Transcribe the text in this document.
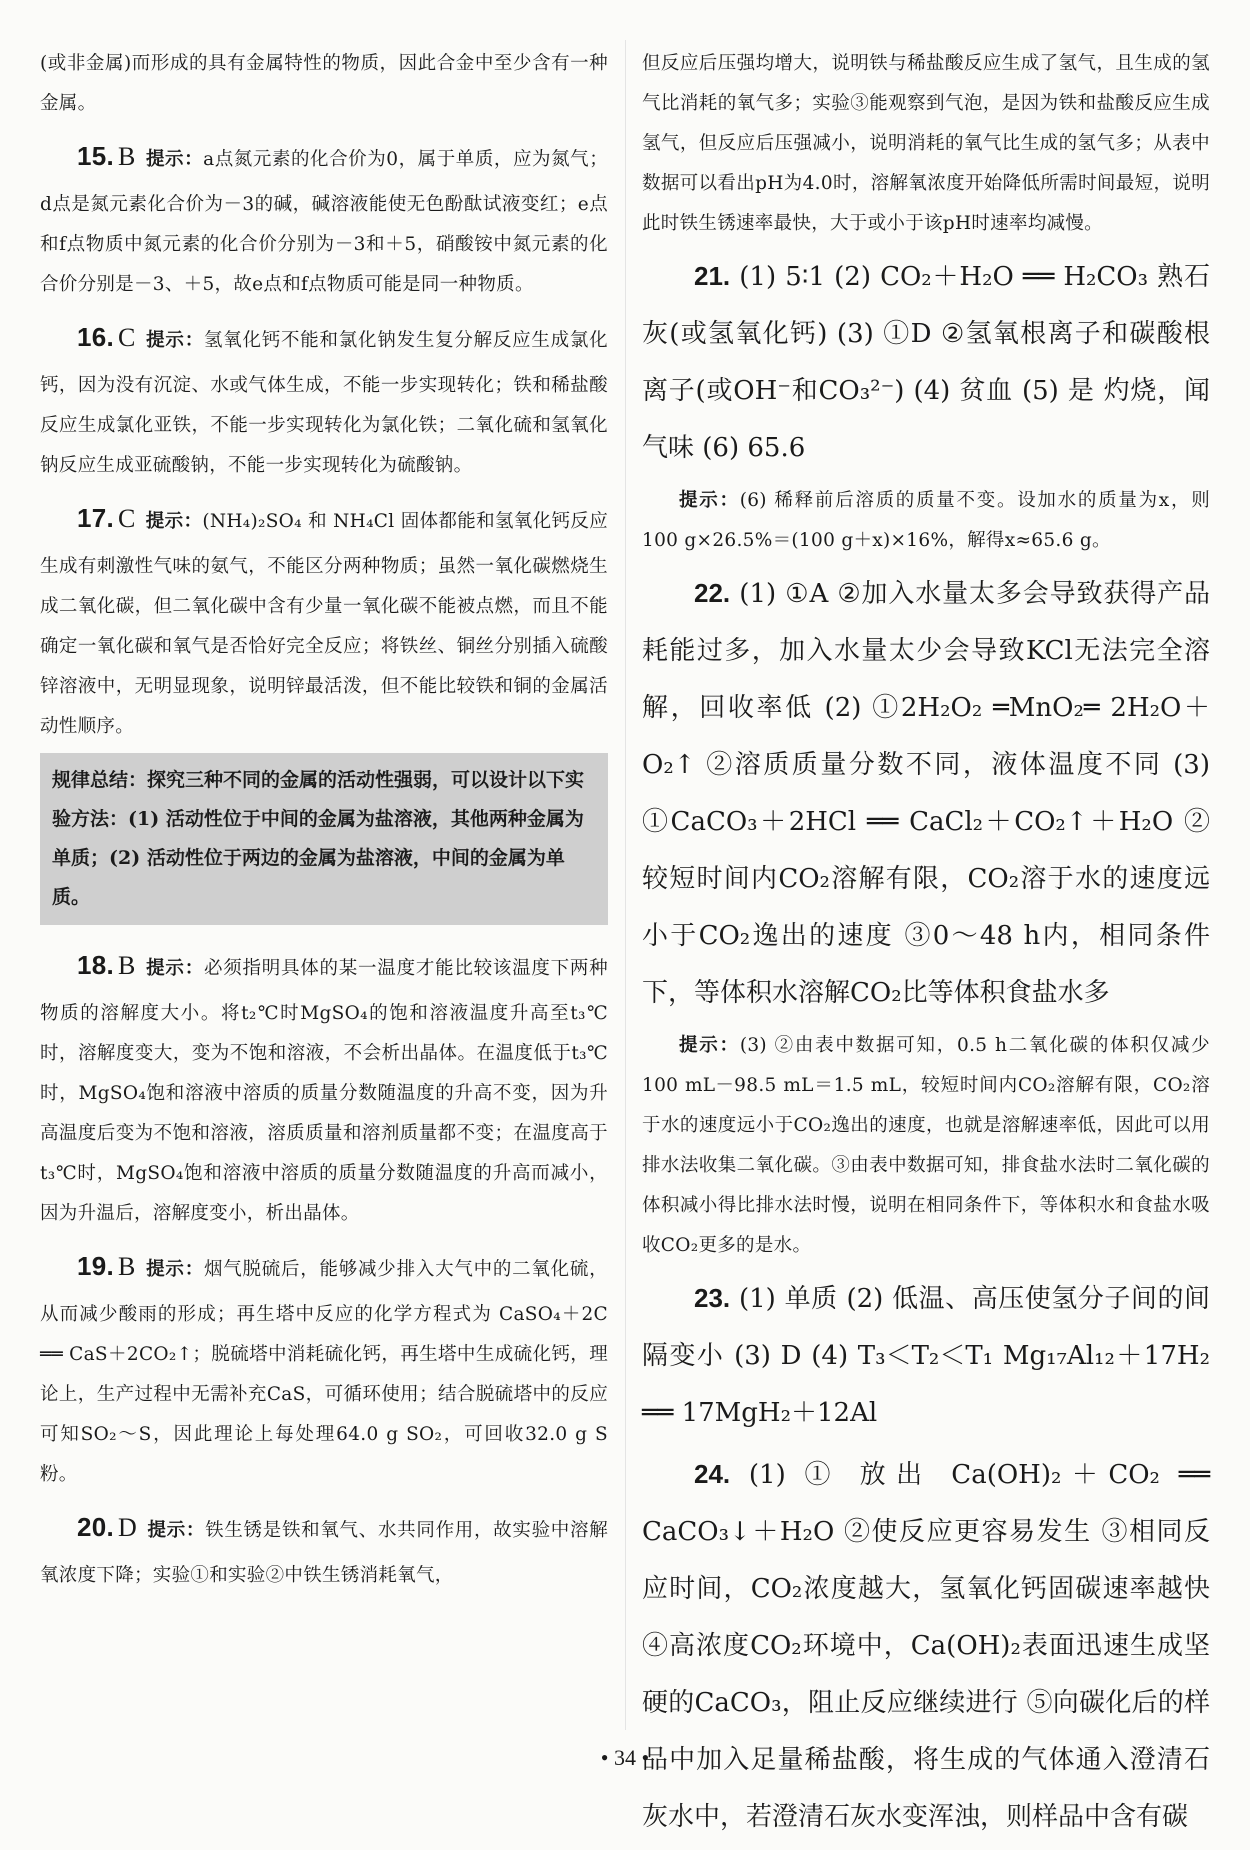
(或非金属)而形成的具有金属特性的物质，因此合金中至少含有一种金属。

15. B 提示：a点氮元素的化合价为0，属于单质，应为氮气；d点是氮元素化合价为－3的碱，碱溶液能使无色酚酞试液变红；e点和f点物质中氮元素的化合价分别为－3和＋5，硝酸铵中氮元素的化合价分别是－3、＋5，故e点和f点物质可能是同一种物质。

16. C 提示：氢氧化钙不能和氯化钠发生复分解反应生成氯化钙，因为没有沉淀、水或气体生成，不能一步实现转化；铁和稀盐酸反应生成氯化亚铁，不能一步实现转化为氯化铁；二氧化硫和氢氧化钠反应生成亚硫酸钠，不能一步实现转化为硫酸钠。

17. C 提示：(NH₄)₂SO₄ 和 NH₄Cl 固体都能和氢氧化钙反应生成有刺激性气味的氨气，不能区分两种物质；虽然一氧化碳燃烧生成二氧化碳，但二氧化碳中含有少量一氧化碳不能被点燃，而且不能确定一氧化碳和氧气是否恰好完全反应；将铁丝、铜丝分别插入硫酸锌溶液中，无明显现象，说明锌最活泼，但不能比较铁和铜的金属活动性顺序。

规律总结：探究三种不同的金属的活动性强弱，可以设计以下实验方法：(1) 活动性位于中间的金属为盐溶液，其他两种金属为单质；(2) 活动性位于两边的金属为盐溶液，中间的金属为单质。

18. B 提示：必须指明具体的某一温度才能比较该温度下两种物质的溶解度大小。将t₂℃时MgSO₄的饱和溶液温度升高至t₃℃时，溶解度变大，变为不饱和溶液，不会析出晶体。在温度低于t₃℃时，MgSO₄饱和溶液中溶质的质量分数随温度的升高不变，因为升高温度后变为不饱和溶液，溶质质量和溶剂质量都不变；在温度高于t₃℃时，MgSO₄饱和溶液中溶质的质量分数随温度的升高而减小，因为升温后，溶解度变小，析出晶体。

19. B 提示：烟气脱硫后，能够减少排入大气中的二氧化硫，从而减少酸雨的形成；再生塔中反应的化学方程式为 CaSO₄＋2C ══ CaS＋2CO₂↑；脱硫塔中消耗硫化钙，再生塔中生成硫化钙，理论上，生产过程中无需补充CaS，可循环使用；结合脱硫塔中的反应可知SO₂～S，因此理论上每处理64.0 g SO₂，可回收32.0 g S粉。

20. D 提示：铁生锈是铁和氧气、水共同作用，故实验中溶解氧浓度下降；实验①和实验②中铁生锈消耗氧气，

但反应后压强均增大，说明铁与稀盐酸反应生成了氢气，且生成的氢气比消耗的氧气多；实验③能观察到气泡，是因为铁和盐酸反应生成氢气，但反应后压强减小，说明消耗的氧气比生成的氢气多；从表中数据可以看出pH为4.0时，溶解氧浓度开始降低所需时间最短，说明此时铁生锈速率最快，大于或小于该pH时速率均减慢。

21. (1) 5∶1 (2) CO₂＋H₂O ══ H₂CO₃ 熟石灰(或氢氧化钙) (3) ①D ②氢氧根离子和碳酸根离子(或OH⁻和CO₃²⁻) (4) 贫血 (5) 是 灼烧，闻气味 (6) 65.6

提示：(6) 稀释前后溶质的质量不变。设加水的质量为x，则100 g×26.5%＝(100 g＋x)×16%，解得x≈65.6 g。

22. (1) ①A ②加入水量太多会导致获得产品耗能过多，加入水量太少会导致KCl无法完全溶解，回收率低 (2) ①2H₂O₂ ═MnO₂═ 2H₂O＋O₂↑ ②溶质质量分数不同，液体温度不同 (3) ①CaCO₃＋2HCl ══ CaCl₂＋CO₂↑＋H₂O ②较短时间内CO₂溶解有限，CO₂溶于水的速度远小于CO₂逸出的速度 ③0～48 h内，相同条件下，等体积水溶解CO₂比等体积食盐水多

提示：(3) ②由表中数据可知，0.5 h二氧化碳的体积仅减少100 mL－98.5 mL＝1.5 mL，较短时间内CO₂溶解有限，CO₂溶于水的速度远小于CO₂逸出的速度，也就是溶解速率低，因此可以用排水法收集二氧化碳。③由表中数据可知，排食盐水法时二氧化碳的体积减小得比排水法时慢，说明在相同条件下，等体积水和食盐水吸收CO₂更多的是水。

23. (1) 单质 (2) 低温、高压使氢分子间的间隔变小 (3) D (4) T₃＜T₂＜T₁ Mg₁₇Al₁₂＋17H₂ ══ 17MgH₂＋12Al

24. (1) ① 放出 Ca(OH)₂＋CO₂ ══ CaCO₃↓＋H₂O ②使反应更容易发生 ③相同反应时间，CO₂浓度越大，氢氧化钙固碳速率越快 ④高浓度CO₂环境中，Ca(OH)₂表面迅速生成坚硬的CaCO₃，阻止反应继续进行 ⑤向碳化后的样品中加入足量稀盐酸，将生成的气体通入澄清石灰水中，若澄清石灰水变浑浊，则样品中含有碳

• 34 •
